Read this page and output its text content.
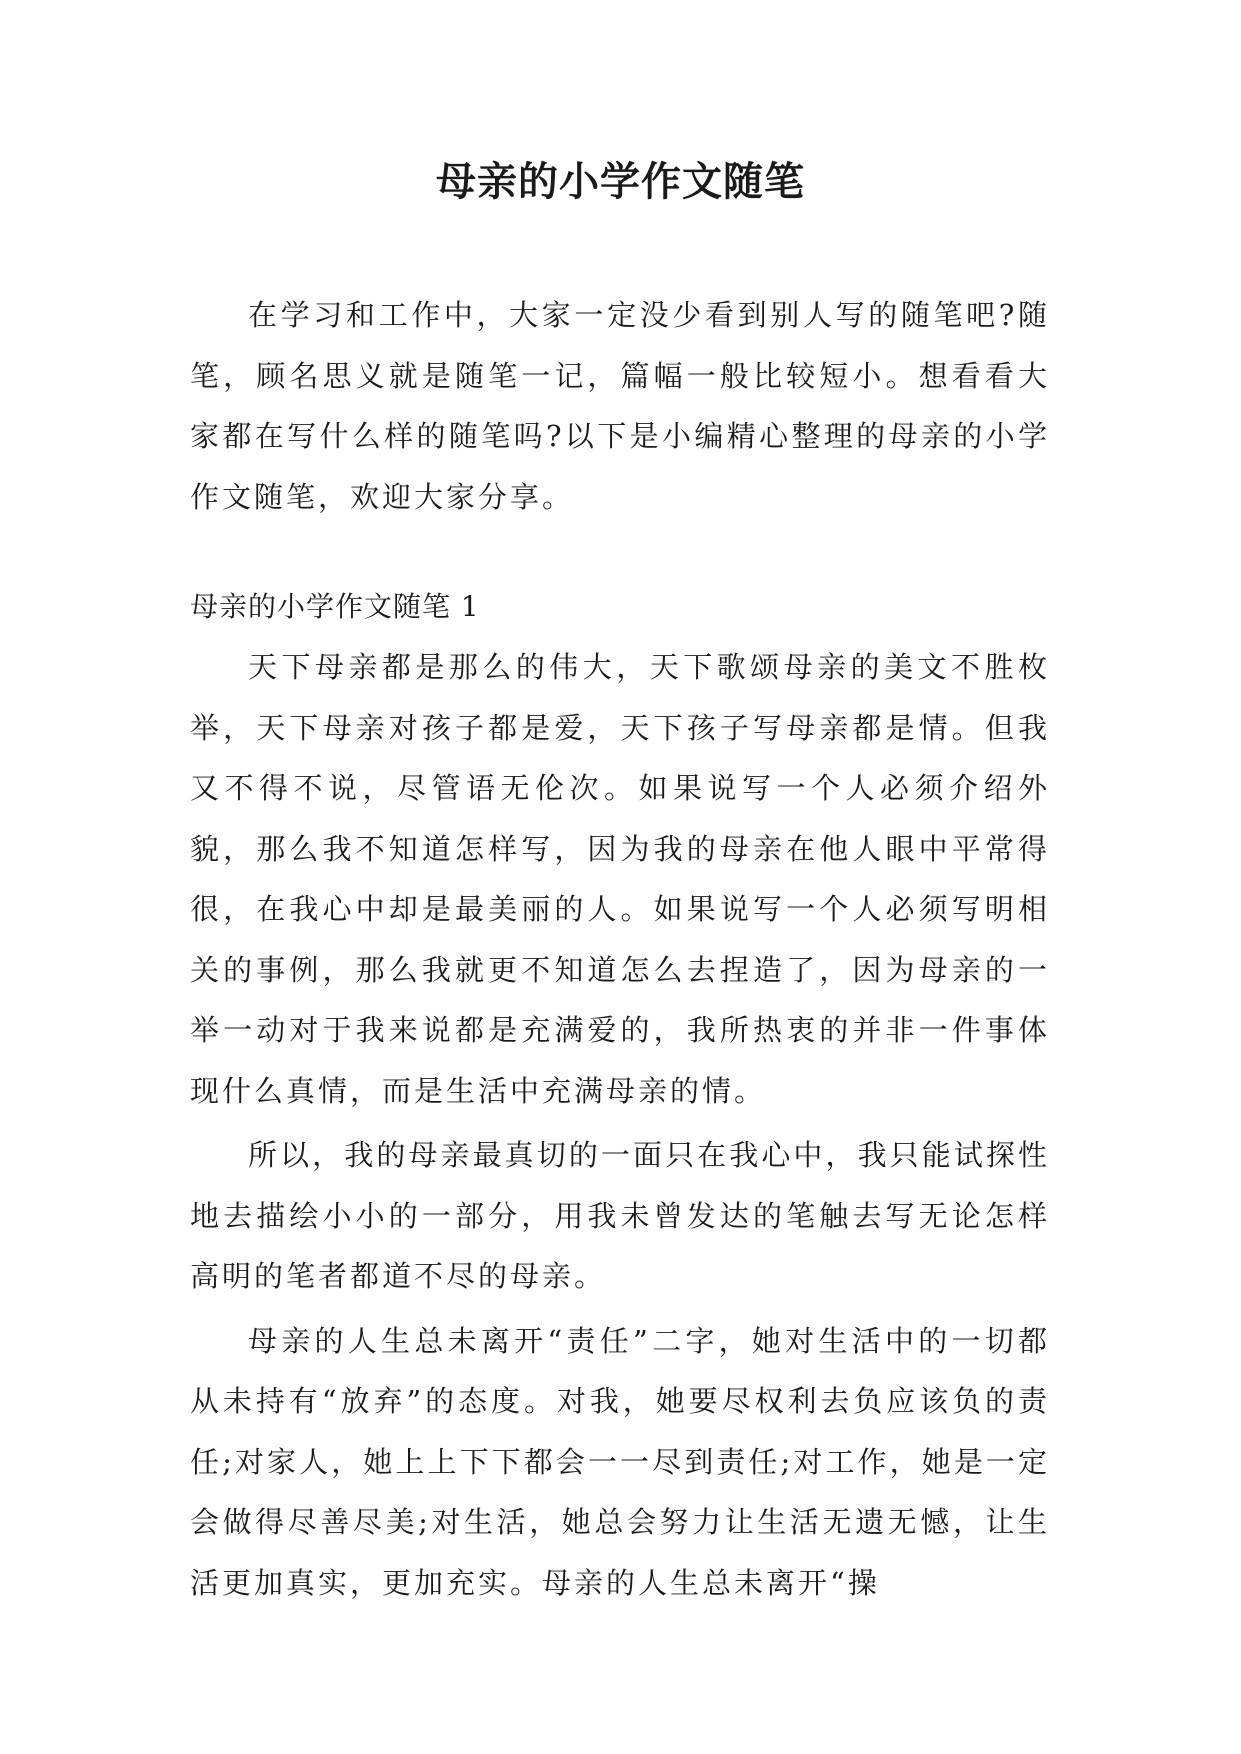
母亲的小学作文随笔

在学习和工作中，大家一定没少看到别人写的随笔吧?随笔，顾名思义就是随笔一记，篇幅一般比较短小。想看看大家都在写什么样的随笔吗?以下是小编精心整理的母亲的小学作文随笔，欢迎大家分享。

母亲的小学作文随笔 1

天下母亲都是那么的伟大，天下歌颂母亲的美文不胜枚举，天下母亲对孩子都是爱，天下孩子写母亲都是情。但我又不得不说，尽管语无伦次。如果说写一个人必须介绍外貌，那么我不知道怎样写，因为我的母亲在他人眼中平常得很，在我心中却是最美丽的人。如果说写一个人必须写明相关的事例，那么我就更不知道怎么去捏造了，因为母亲的一举一动对于我来说都是充满爱的，我所热衷的并非一件事体现什么真情，而是生活中充满母亲的情。

所以，我的母亲最真切的一面只在我心中，我只能试探性地去描绘小小的一部分，用我未曾发达的笔触去写无论怎样高明的笔者都道不尽的母亲。

母亲的人生总未离开“责任”二字，她对生活中的一切都从未持有“放弃”的态度。对我，她要尽权利去负应该负的责任;对家人，她上上下下都会一一尽到责任;对工作，她是一定会做得尽善尽美;对生活，她总会努力让生活无遗无憾，让生活更加真实，更加充实。母亲的人生总未离开“操
